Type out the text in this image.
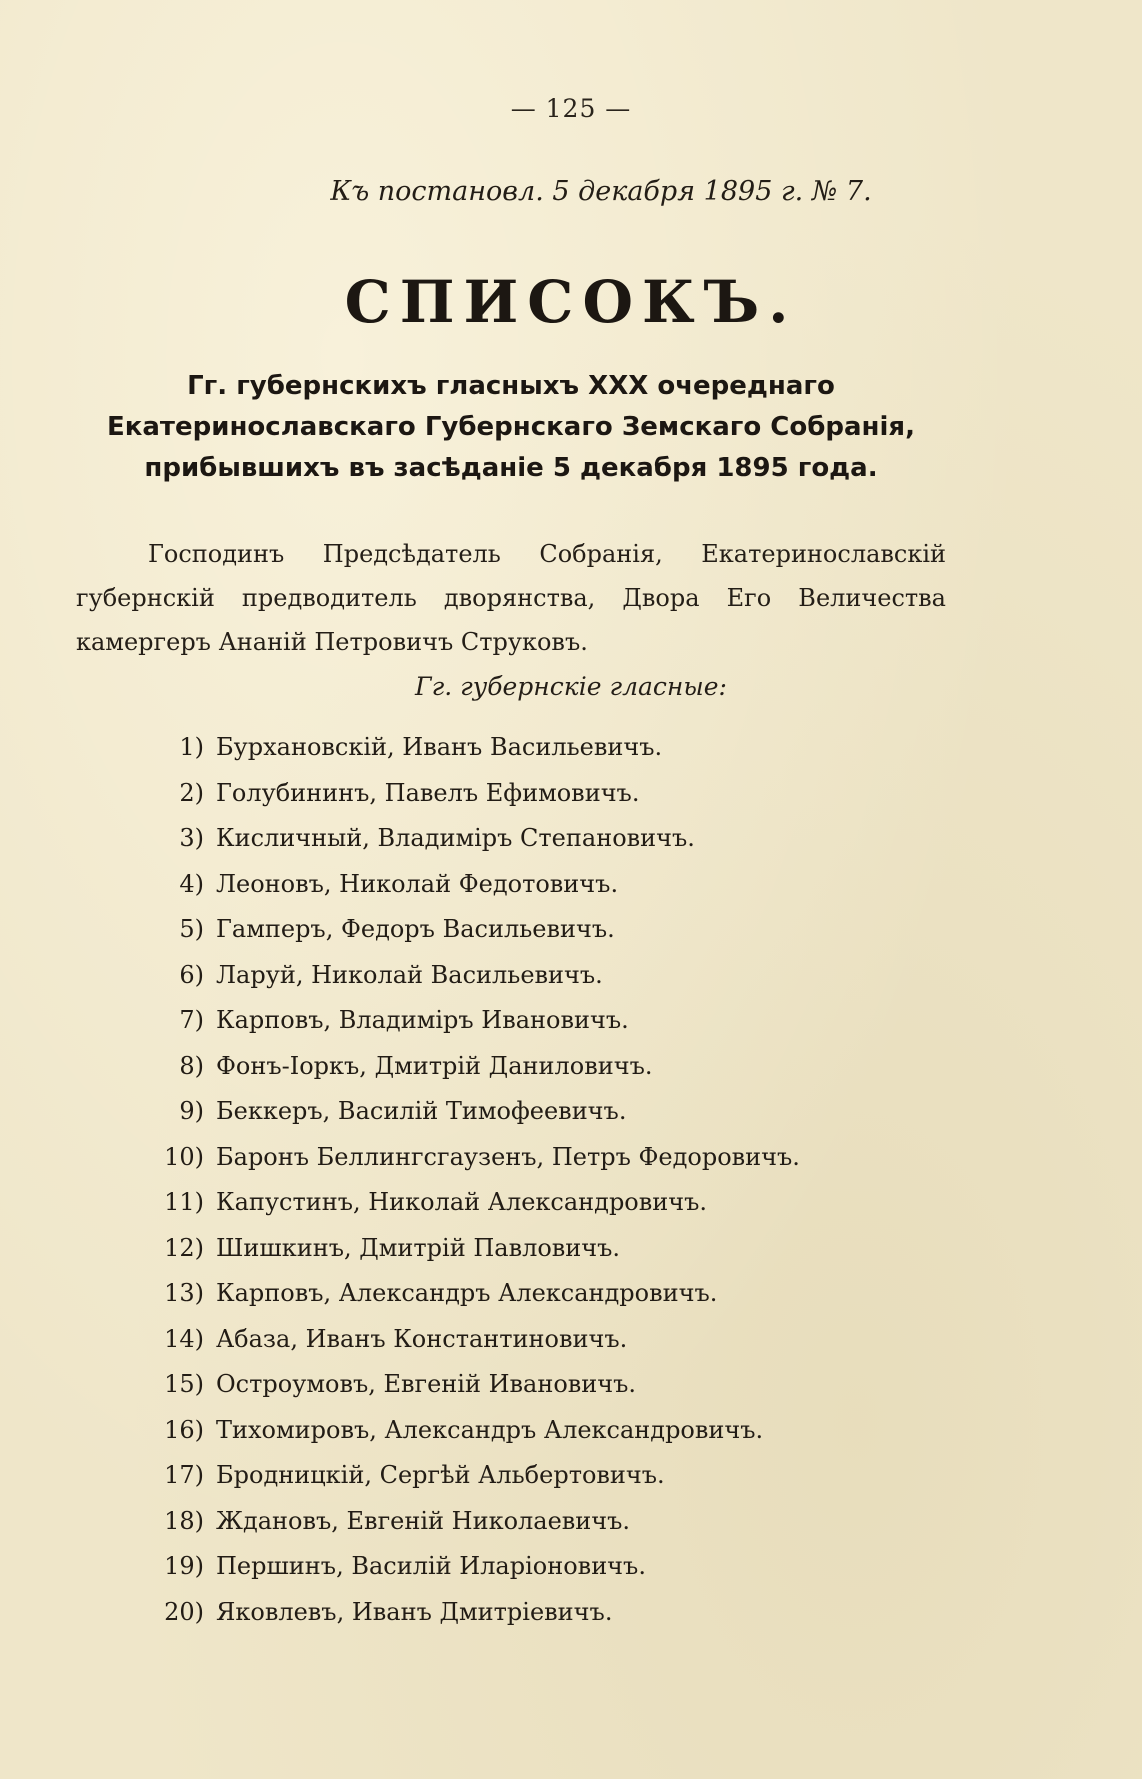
— 125 —
Къ постановл. 5 декабря 1895 г. № 7.
СПИСОКЪ.
Гг. губернскихъ гласныхъ XXX очереднаго Екатеринославскаго Губернскаго Земскаго Собранія, прибывшихъ въ засѣданіе 5 декабря 1895 года.
Господинъ Предсѣдатель Собранія, Екатеринославскій губернскій предводитель дворянства, Двора Его Величества камергеръ Ананій Петровичъ Струковъ.
Гг. губернскіе гласные:
1) Бурхановскій, Иванъ Васильевичъ.
2) Голубининъ, Павелъ Ефимовичъ.
3) Кисличный, Владиміръ Степановичъ.
4) Леоновъ, Николай Федотовичъ.
5) Гамперъ, Федоръ Васильевичъ.
6) Ларуй, Николай Васильевичъ.
7) Карповъ, Владиміръ Ивановичъ.
8) Фонъ-Іоркъ, Дмитрій Даниловичъ.
9) Беккеръ, Василій Тимофеевичъ.
10) Баронъ Беллингсгаузенъ, Петръ Федоровичъ.
11) Капустинъ, Николай Александровичъ.
12) Шишкинъ, Дмитрій Павловичъ.
13) Карповъ, Александръ Александровичъ.
14) Абаза, Иванъ Константиновичъ.
15) Остроумовъ, Евгеній Ивановичъ.
16) Тихомировъ, Александръ Александровичъ.
17) Бродницкій, Сергѣй Альбертовичъ.
18) Ждановъ, Евгеній Николаевичъ.
19) Першинъ, Василій Иларіоновичъ.
20) Яковлевъ, Иванъ Дмитріевичъ.
